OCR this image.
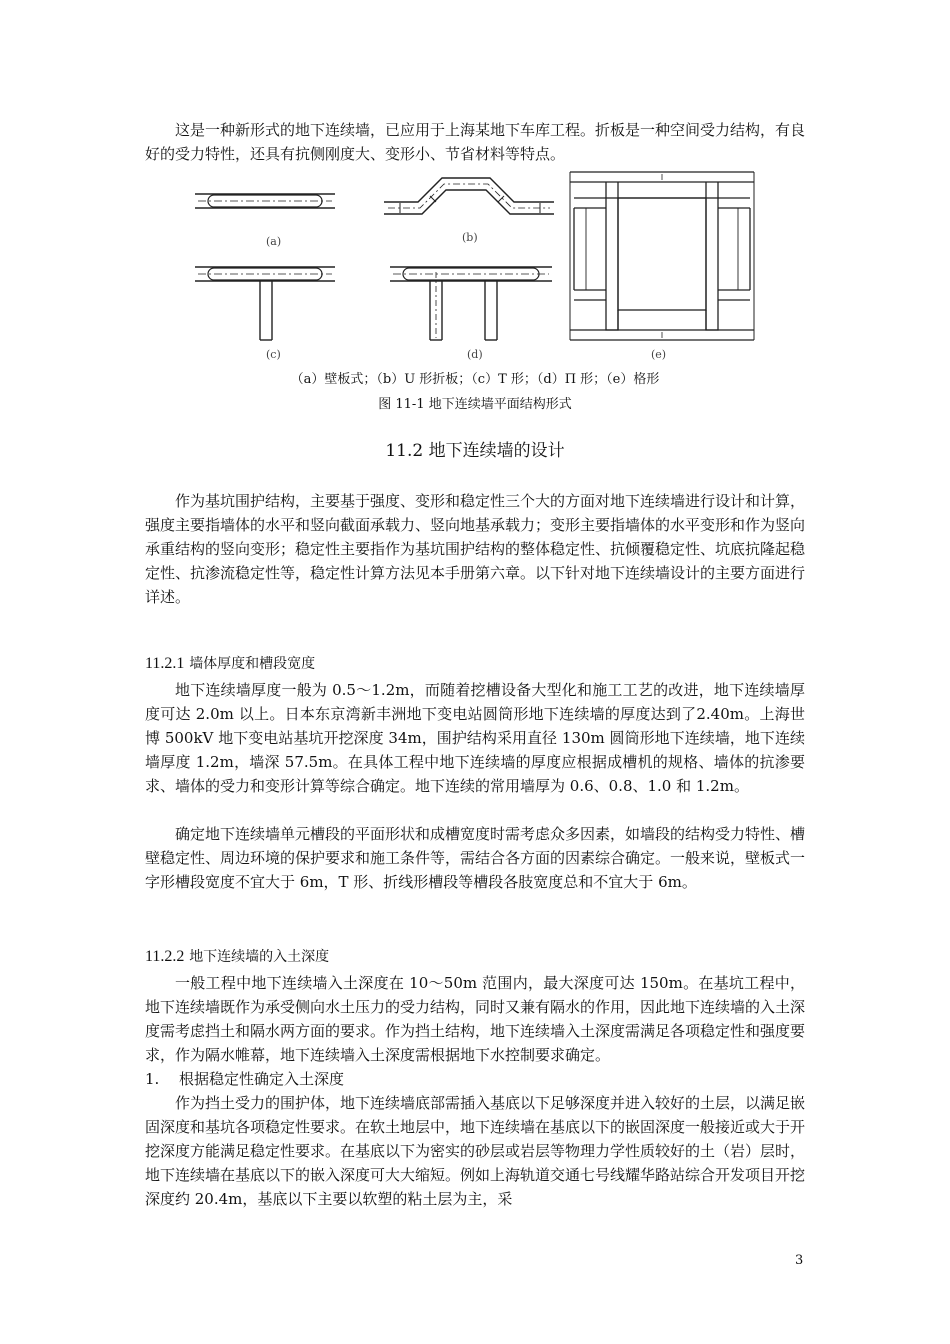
这是一种新形式的地下连续墙，已应用于上海某地下车库工程。折板是一种空间受力结构，有良好的受力特性，还具有抗侧刚度大、变形小、节省材料等特点。

(a)	(b)
(c)	(d)	(e)
（a）壁板式；（b）U 形折板；（c）T 形；（d）Π 形；（e）格形
图 11-1 地下连续墙平面结构形式
11.2 地下连续墙的设计

作为基坑围护结构，主要基于强度、变形和稳定性三个大的方面对地下连续墙进行设计和计算，强度主要指墙体的水平和竖向截面承载力、竖向地基承载力；变形主要指墙体的水平变形和作为竖向承重结构的竖向变形；稳定性主要指作为基坑围护结构的整体稳定性、抗倾覆稳定性、坑底抗隆起稳定性、抗渗流稳定性等，稳定性计算方法见本手册第六章。以下针对地下连续墙设计的主要方面进行详述。

11.2.1 墙体厚度和槽段宽度

地下连续墙厚度一般为 0.5～1.2m，而随着挖槽设备大型化和施工工艺的改进，地下连续墙厚度可达 2.0m 以上。日本东京湾新丰洲地下变电站圆筒形地下连续墙的厚度达到了2.40m。上海世博 500kV 地下变电站基坑开挖深度 34m，围护结构采用直径 130m 圆筒形地下连续墙，地下连续墙厚度 1.2m，墙深 57.5m。在具体工程中地下连续墙的厚度应根据成槽机的规格、墙体的抗渗要求、墙体的受力和变形计算等综合确定。地下连续的常用墙厚为 0.6、0.8、1.0 和 1.2m。

确定地下连续墙单元槽段的平面形状和成槽宽度时需考虑众多因素，如墙段的结构受力特性、槽壁稳定性、周边环境的保护要求和施工条件等，需结合各方面的因素综合确定。一般来说，壁板式一字形槽段宽度不宜大于 6m，T 形、折线形槽段等槽段各肢宽度总和不宜大于 6m。

11.2.2 地下连续墙的入土深度

一般工程中地下连续墙入土深度在 10～50m 范围内，最大深度可达 150m。在基坑工程中，地下连续墙既作为承受侧向水土压力的受力结构，同时又兼有隔水的作用，因此地下连续墙的入土深度需考虑挡土和隔水两方面的要求。作为挡土结构，地下连续墙入土深度需满足各项稳定性和强度要求，作为隔水帷幕，地下连续墙入土深度需根据地下水控制要求确定。

1. 根据稳定性确定入土深度

作为挡土受力的围护体，地下连续墙底部需插入基底以下足够深度并进入较好的土层，以满足嵌固深度和基坑各项稳定性要求。在软土地层中，地下连续墙在基底以下的嵌固深度一般接近或大于开挖深度方能满足稳定性要求。在基底以下为密实的砂层或岩层等物理力学性质较好的土（岩）层时，地下连续墙在基底以下的嵌入深度可大大缩短。例如上海轨道交通七号线耀华路站综合开发项目开挖深度约 20.4m，基底以下主要以软塑的粘土层为主，采

3
